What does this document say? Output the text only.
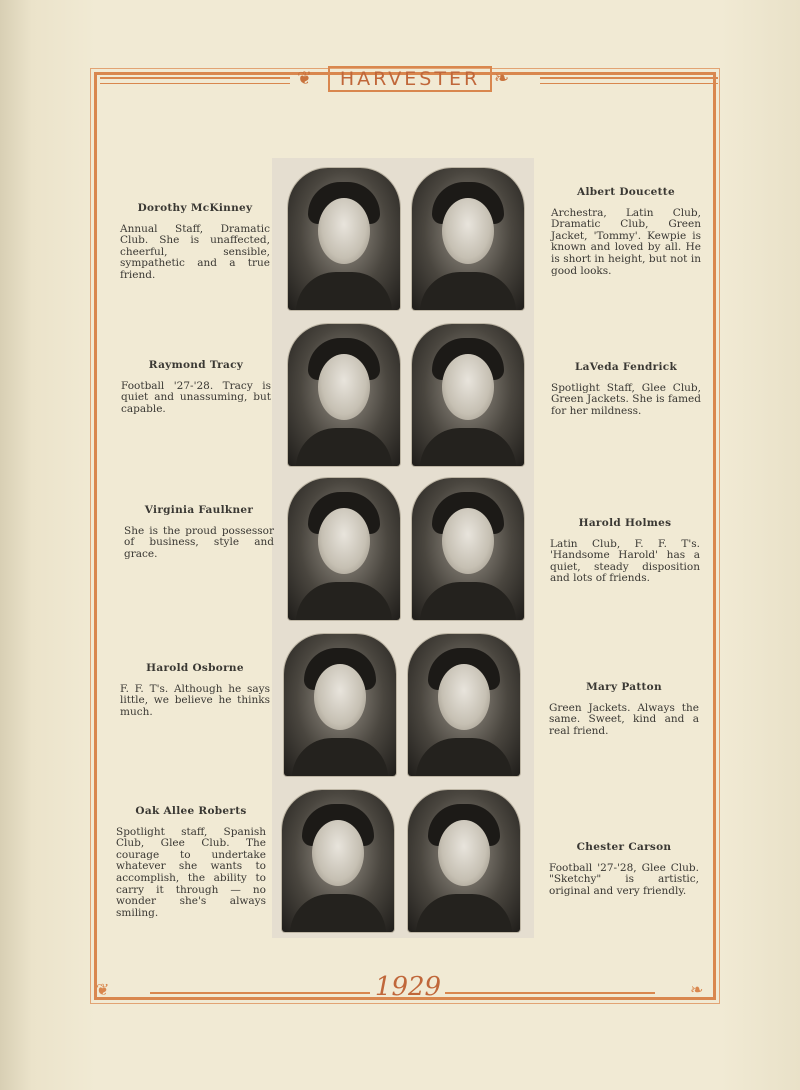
❦	HARVESTER ❧
Dorothy McKinney
Annual Staff, Dramatic Club. She is unaffected, cheerful, sensible, sympathetic and a true friend.
Raymond Tracy
Football '27-'28. Tracy is quiet and unassuming, but capable.
Virginia Faulkner
She is the proud possessor of business, style and grace.
Harold Osborne
F. F. T's. Although he says little, we believe he thinks much.
Oak Allee Roberts
Spotlight staff, Spanish Club, Glee Club. The courage to undertake whatever she wants to accomplish, the ability to carry it through — no wonder she's always smiling.
Albert Doucette
Archestra, Latin Club, Dramatic Club, Green Jacket, 'Tommy'. Kewpie is known and loved by all. He is short in height, but not in good looks.
LaVeda Fendrick
Spotlight Staff, Glee Club, Green Jackets. She is famed for her mildness.
Harold Holmes
Latin Club, F. F. T's. 'Handsome Harold' has a quiet, steady disposition and lots of friends.
Mary Patton
Green Jackets. Always the same. Sweet, kind and a real friend.
Chester Carson
Football '27-'28, Glee Club. "Sketchy" is artistic, original and very friendly.
❦	1929	❧
